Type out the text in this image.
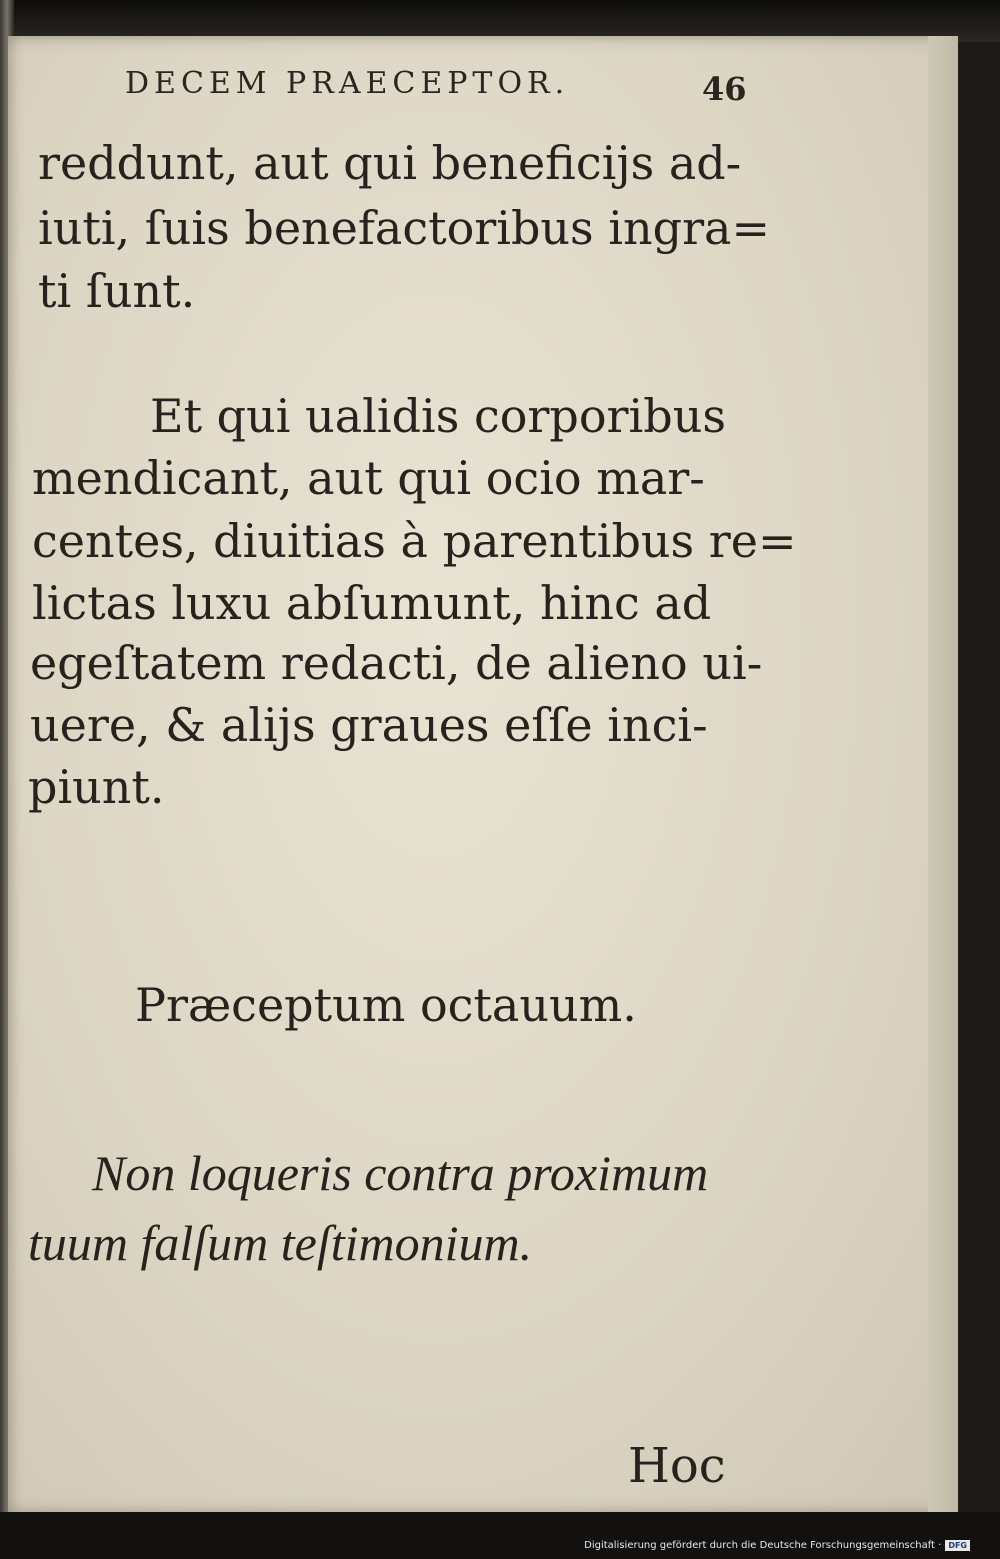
DECEM PRAECEPTOR.	46
reddunt, aut qui beneficijs ad-
iuti, ſuis benefactoribus ingra=
ti ſunt.
Et qui ualidis corporibus
mendicant, aut qui ocio mar-
centes, diuitias à parentibus re=
lictas luxu abſumunt, hinc ad
egeſtatem redacti, de alieno ui-
uere, & alijs graues eſſe inci-
piunt.
Præceptum octauum.
Non loqueris contra proximum
tuum falſum teſtimonium.
Hoc
Digitalisierung gefördert durch die Deutsche Forschungsgemeinschaft · DFG
